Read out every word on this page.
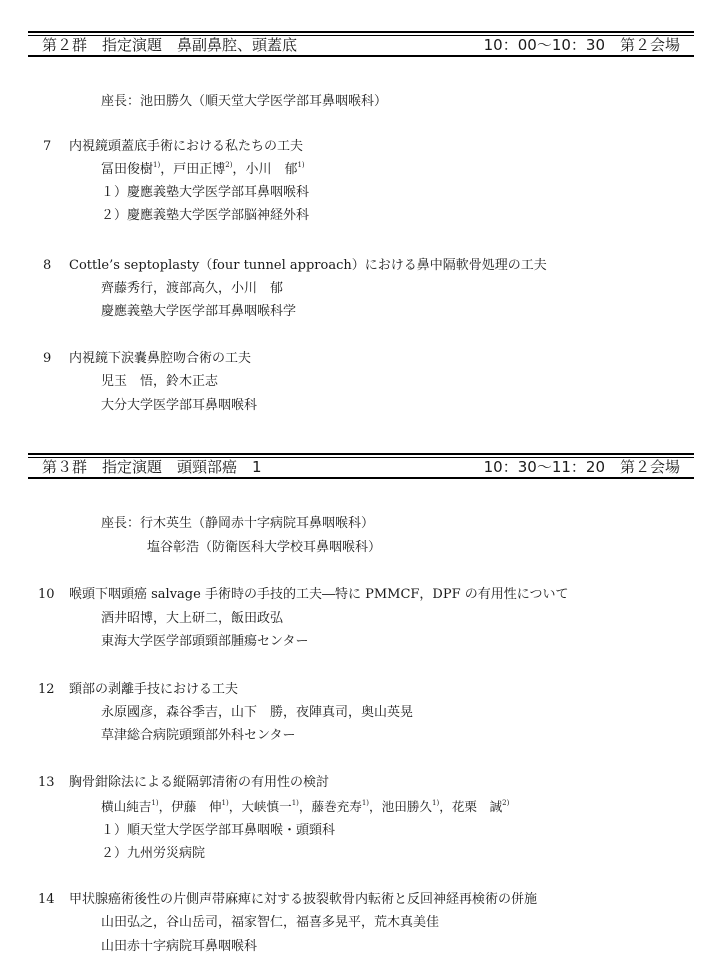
第２群　指定演題　鼻副鼻腔、頭蓋底	10：00～10：30　第２会場
座長：池田勝久（順天堂大学医学部耳鼻咽喉科）
7 内視鏡頭蓋底手術における私たちの工夫
冨田俊樹$^{1)}$，戸田正博$^{2)}$，小川　郁$^{1)}$
１）慶應義塾大学医学部耳鼻咽喉科
２）慶應義塾大学医学部脳神経外科
8 Cottle’s septoplasty（four tunnel approach）における鼻中隔軟骨処理の工夫
齊藤秀行，渡部高久，小川　郁
慶應義塾大学医学部耳鼻咽喉科学
9 内視鏡下涙嚢鼻腔吻合術の工夫
児玉　悟，鈴木正志
大分大学医学部耳鼻咽喉科
第３群　指定演題　頭頸部癌　1	10：30～11：20　第２会場
座長：行木英生（静岡赤十字病院耳鼻咽喉科）
塩谷彰浩（防衛医科大学校耳鼻咽喉科）
10 喉頭下咽頭癌 salvage 手術時の手技的工夫―特に PMMCF，DPF の有用性について
酒井昭博，大上研二，飯田政弘
東海大学医学部頭頸部腫瘍センター
12 頸部の剥離手技における工夫
永原國彦，森谷季吉，山下　勝，夜陣真司，奥山英晃
草津総合病院頭頸部外科センター
13 胸骨鉗除法による縦隔郭清術の有用性の検討
横山純吉$^{1)}$，伊藤　伸$^{1)}$，大峡慎一$^{1)}$，藤巻充寿$^{1)}$，池田勝久$^{1)}$，花栗　誠$^{2)}$
１）順天堂大学医学部耳鼻咽喉・頭頸科
２）九州労災病院
14 甲状腺癌術後性の片側声帯麻痺に対する披裂軟骨内転術と反回神経再検術の併施
山田弘之，谷山岳司，福家智仁，福喜多晃平，荒木真美佳
山田赤十字病院耳鼻咽喉科
